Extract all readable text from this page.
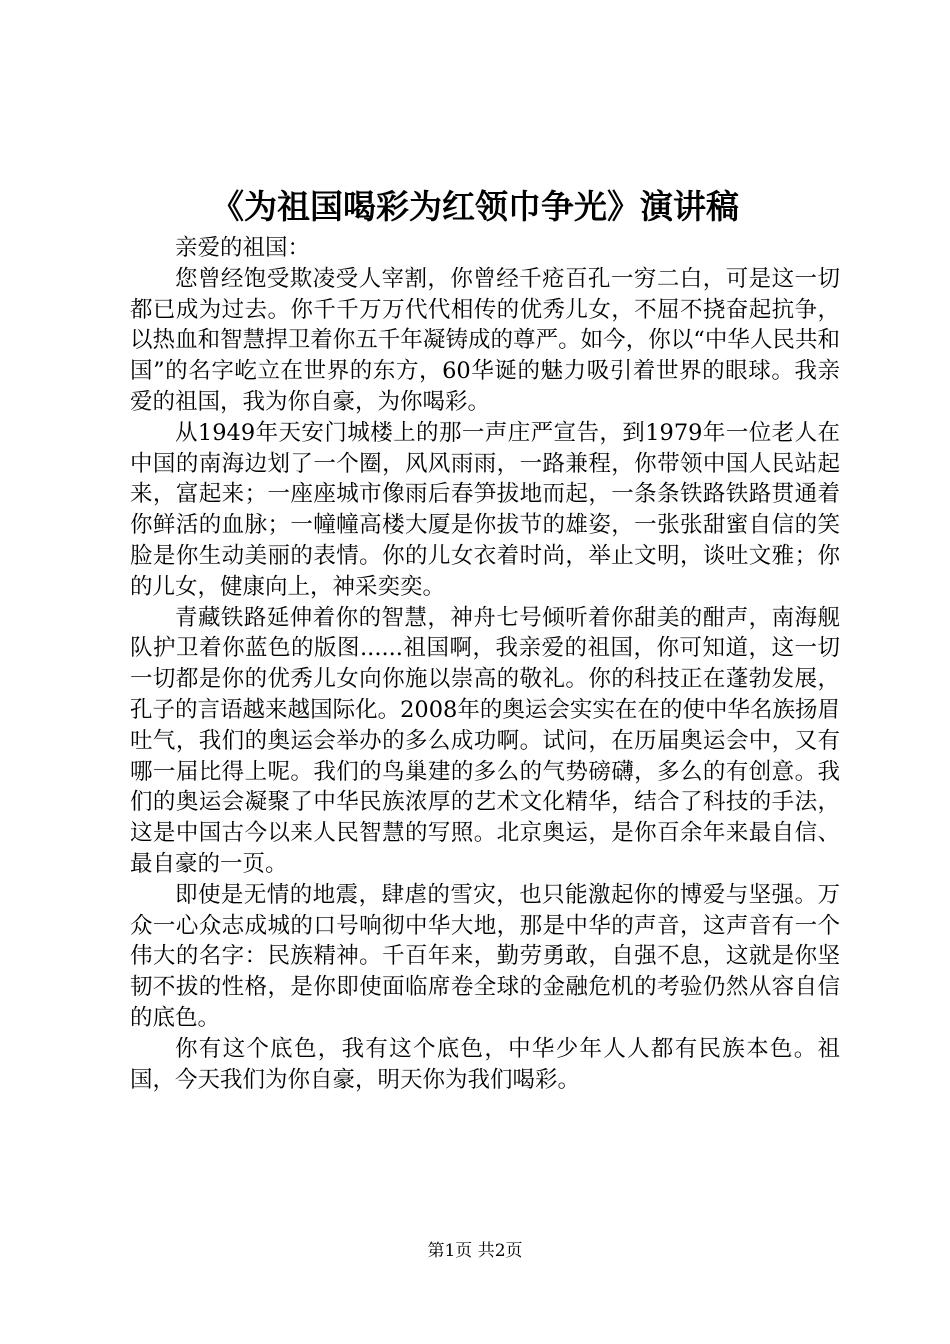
《为祖国喝彩为红领巾争光》演讲稿

亲爱的祖国：

您曾经饱受欺凌受人宰割，你曾经千疮百孔一穷二白，可是这一切都已成为过去。你千千万万代代相传的优秀儿女，不屈不挠奋起抗争，以热血和智慧捍卫着你五千年凝铸成的尊严。如今，你以“中华人民共和国”的名字屹立在世界的东方，60华诞的魅力吸引着世界的眼球。我亲爱的祖国，我为你自豪，为你喝彩。

从1949年天安门城楼上的那一声庄严宣告，到1979年一位老人在中国的南海边划了一个圈，风风雨雨，一路兼程，你带领中国人民站起来，富起来；一座座城市像雨后春笋拔地而起，一条条铁路铁路贯通着你鲜活的血脉；一幢幢高楼大厦是你拔节的雄姿，一张张甜蜜自信的笑脸是你生动美丽的表情。你的儿女衣着时尚，举止文明，谈吐文雅；你的儿女，健康向上，神采奕奕。

青藏铁路延伸着你的智慧，神舟七号倾听着你甜美的酣声，南海舰队护卫着你蓝色的版图......祖国啊，我亲爱的祖国，你可知道，这一切一切都是你的优秀儿女向你施以崇高的敬礼。你的科技正在蓬勃发展，孔子的言语越来越国际化。2008年的奥运会实实在在的使中华名族扬眉吐气，我们的奥运会举办的多么成功啊。试问，在历届奥运会中，又有哪一届比得上呢。我们的鸟巢建的多么的气势磅礴，多么的有创意。我们的奥运会凝聚了中华民族浓厚的艺术文化精华，结合了科技的手法，这是中国古今以来人民智慧的写照。北京奥运，是你百余年来最自信、最自豪的一页。

即使是无情的地震，肆虐的雪灾，也只能激起你的博爱与坚强。万众一心众志成城的口号响彻中华大地，那是中华的声音，这声音有一个伟大的名字：民族精神。千百年来，勤劳勇敢，自强不息，这就是你坚韧不拔的性格，是你即使面临席卷全球的金融危机的考验仍然从容自信的底色。

你有这个底色，我有这个底色，中华少年人人都有民族本色。祖国，今天我们为你自豪，明天你为我们喝彩。

第1页 共2页
